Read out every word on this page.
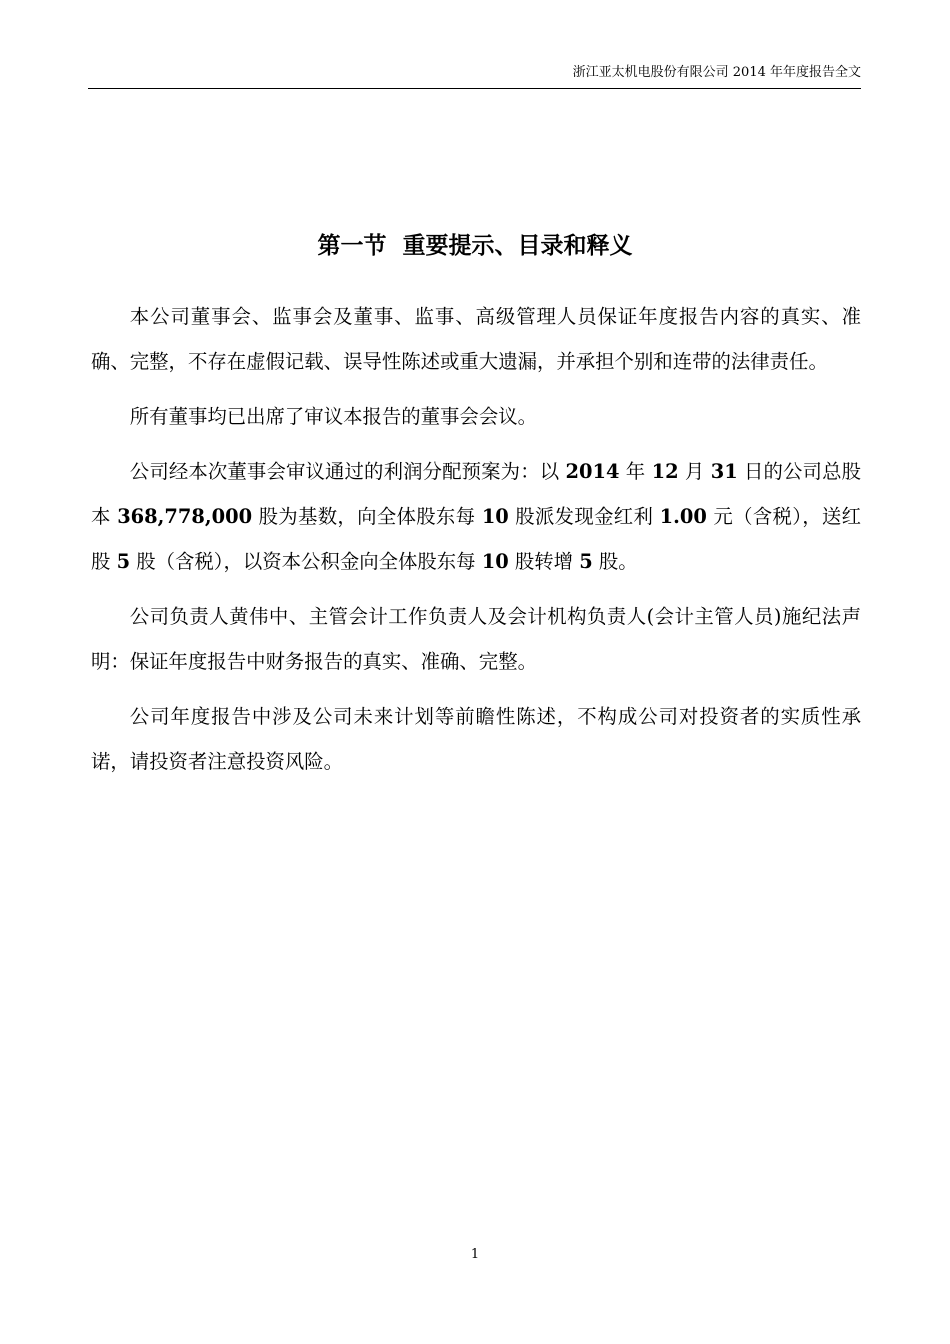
浙江亚太机电股份有限公司 2014 年年度报告全文
第一节  重要提示、目录和释义

本公司董事会、监事会及董事、监事、高级管理人员保证年度报告内容的真实、准确、完整，不存在虚假记载、误导性陈述或重大遗漏，并承担个别和连带的法律责任。

所有董事均已出席了审议本报告的董事会会议。

公司经本次董事会审议通过的利润分配预案为：以 2014 年 12 月 31 日的公司总股本 368,778,000 股为基数，向全体股东每 10 股派发现金红利 1.00 元（含税），送红股 5 股（含税），以资本公积金向全体股东每 10 股转增 5 股。

公司负责人黄伟中、主管会计工作负责人及会计机构负责人(会计主管人员)施纪法声明：保证年度报告中财务报告的真实、准确、完整。

公司年度报告中涉及公司未来计划等前瞻性陈述，不构成公司对投资者的实质性承诺，请投资者注意投资风险。

1
